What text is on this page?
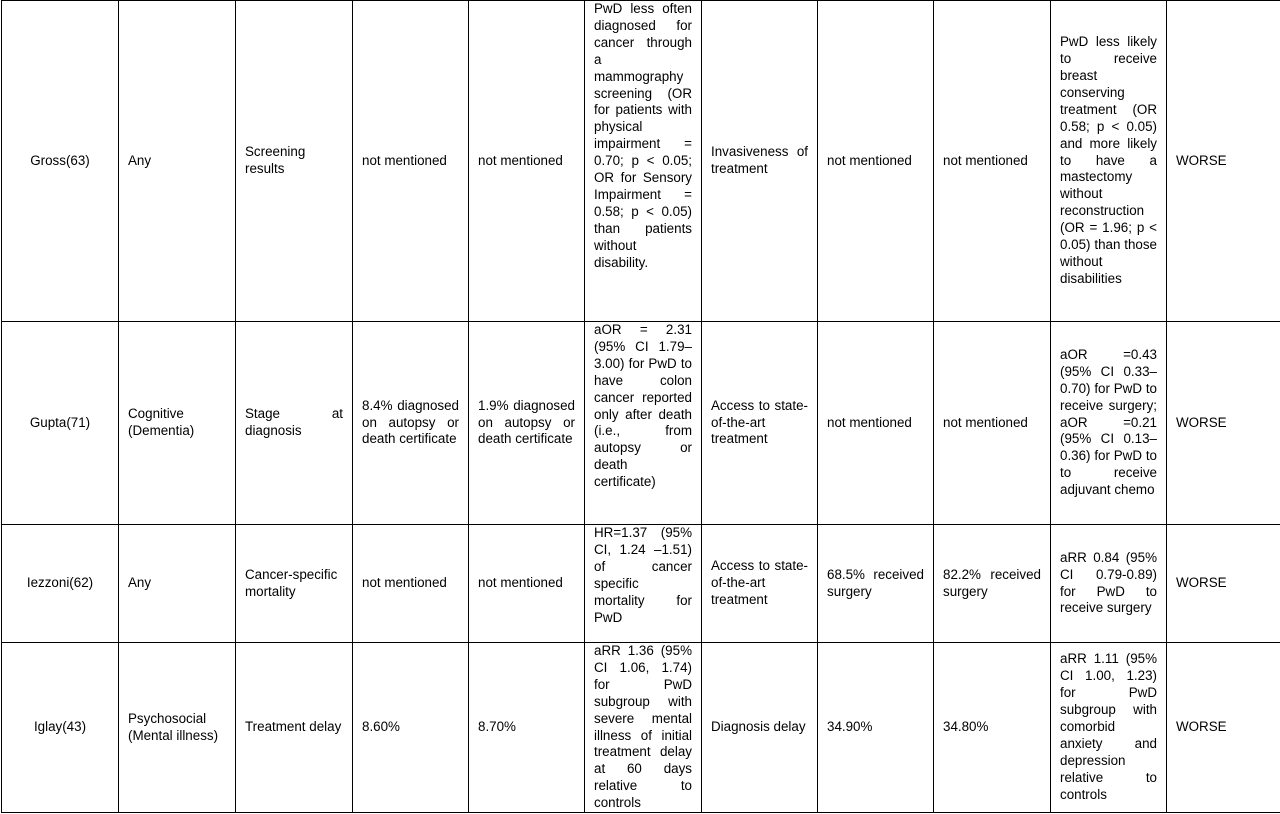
Gross(63)	Any	Screening results	not mentioned	not mentioned	PwD less often diagnosed for cancer through a mammography screening (OR for patients with physical impairment = 0.70; p < 0.05; OR for Sensory Impairment = 0.58; p < 0.05) than patients without disability.	Invasiveness of treatment	not mentioned	not mentioned	PwD less likely to receive breast conserving treatment (OR 0.58; p < 0.05) and more likely to have a mastectomy without reconstruction (OR = 1.96; p < 0.05) than those without disabilities	WORSE
Gupta(71)	Cognitive (Dementia)	Stage at diagnosis	8.4% diagnosed on autopsy or death certificate	1.9% diagnosed on autopsy or death certificate	aOR = 2.31 (95% CI 1.79–3.00) for PwD to have colon cancer reported only after death (i.e., from autopsy or death certificate)	Access to state-of-the-art treatment	not mentioned	not mentioned	aOR =0.43 (95% CI 0.33–0.70) for PwD to receive surgery; aOR =0.21 (95% CI 0.13–0.36) for PwD to to receive adjuvant chemo	WORSE
Iezzoni(62)	Any	Cancer-specific mortality	not mentioned	not mentioned	HR=1.37 (95% CI, 1.24 –1.51) of cancer specific mortality for PwD	Access to state-of-the-art treatment	68.5% received surgery	82.2% received surgery	aRR 0.84 (95% CI 0.79-0.89) for PwD to receive surgery	WORSE
Iglay(43)	Psychosocial (Mental illness)	Treatment delay	8.60%	8.70%	aRR 1.36 (95% CI 1.06, 1.74) for PwD subgroup with severe mental illness of initial treatment delay at 60 days relative to controls	Diagnosis delay	34.90%	34.80%	aRR 1.11 (95% CI 1.00, 1.23) for PwD subgroup with comorbid anxiety and depression relative to controls	WORSE
